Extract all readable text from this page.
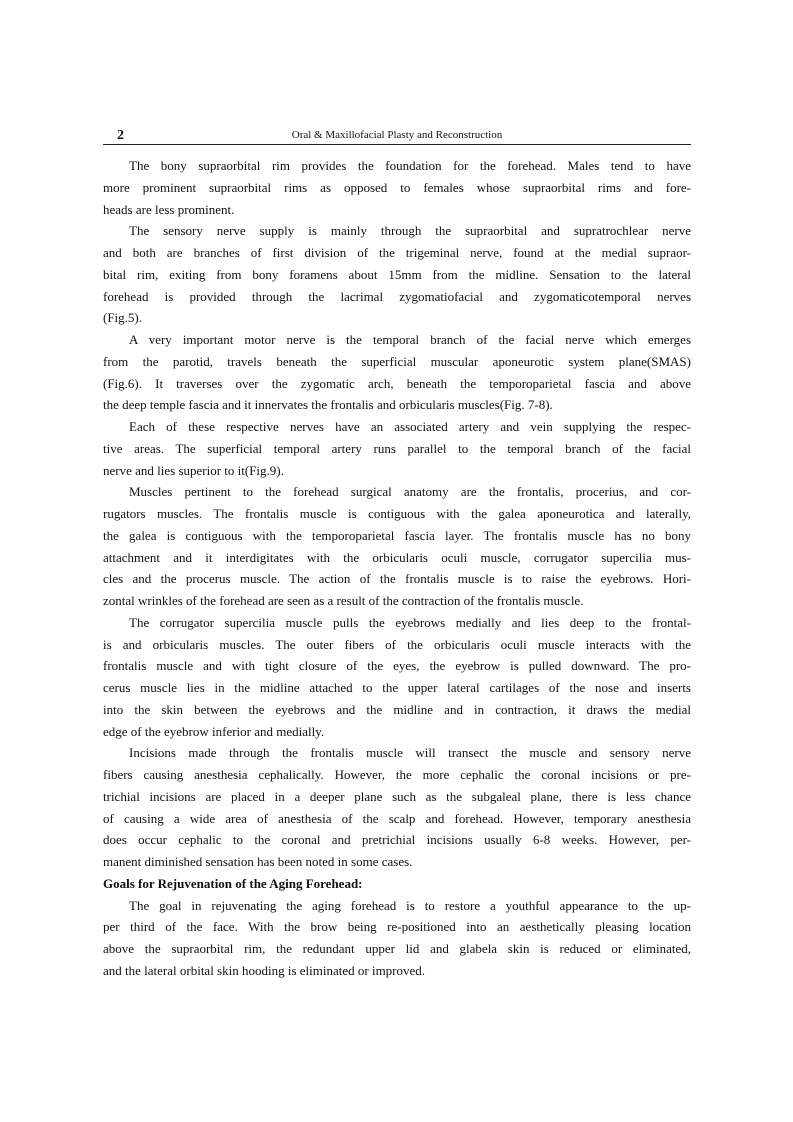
2	Oral & Maxillofacial Plasty and Reconstruction
The bony supraorbital rim provides the foundation for the forehead. Males tend to have
more prominent supraorbital rims as opposed to females whose supraorbital rims and fore-
heads are less prominent.
The sensory nerve supply is mainly through the supraorbital and supratrochlear nerve
and both are branches of first division of the trigeminal nerve, found at the medial supraor-
bital rim, exiting from bony foramens about 15mm from the midline. Sensation to the lateral
forehead is provided through the lacrimal zygomatiofacial and zygomaticotemporal nerves
(Fig.5).
A very important motor nerve is the temporal branch of the facial nerve which emerges
from the parotid, travels beneath the superficial muscular aponeurotic system plane(SMAS)
(Fig.6). It traverses over the zygomatic arch, beneath the temporoparietal fascia and above
the deep temple fascia and it innervates the frontalis and orbicularis muscles(Fig. 7-8).
Each of these respective nerves have an associated artery and vein supplying the respec-
tive areas. The superficial temporal artery runs parallel to the temporal branch of the facial
nerve and lies superior to it(Fig.9).
Muscles pertinent to the forehead surgical anatomy are the frontalis, procerius, and cor-
rugators muscles. The frontalis muscle is contiguous with the galea aponeurotica and laterally,
the galea is contiguous with the temporoparietal fascia layer. The frontalis muscle has no bony
attachment and it interdigitates with the orbicularis oculi muscle, corrugator supercilia mus-
cles and the procerus muscle. The action of the frontalis muscle is to raise the eyebrows. Hori-
zontal wrinkles of the forehead are seen as a result of the contraction of the frontalis muscle.
The corrugator supercilia muscle pulls the eyebrows medially and lies deep to the frontal-
is and orbicularis muscles. The outer fibers of the orbicularis oculi muscle interacts with the
frontalis muscle and with tight closure of the eyes, the eyebrow is pulled downward. The pro-
cerus muscle lies in the midline attached to the upper lateral cartilages of the nose and inserts
into the skin between the eyebrows and the midline and in contraction, it draws the medial
edge of the eyebrow inferior and medially.
Incisions made through the frontalis muscle will transect the muscle and sensory nerve
fibers causing anesthesia cephalically. However, the more cephalic the coronal incisions or pre-
trichial incisions are placed in a deeper plane such as the subgaleal plane, there is less chance
of causing a wide area of anesthesia of the scalp and forehead. However, temporary anesthesia
does occur cephalic to the coronal and pretrichial incisions usually 6-8 weeks. However, per-
manent diminished sensation has been noted in some cases.
Goals for Rejuvenation of the Aging Forehead:
The goal in rejuvenating the aging forehead is to restore a youthful appearance to the up-
per third of the face. With the brow being re-positioned into an aesthetically pleasing location
above the supraorbital rim, the redundant upper lid and glabela skin is reduced or eliminated,
and the lateral orbital skin hooding is eliminated or improved.
